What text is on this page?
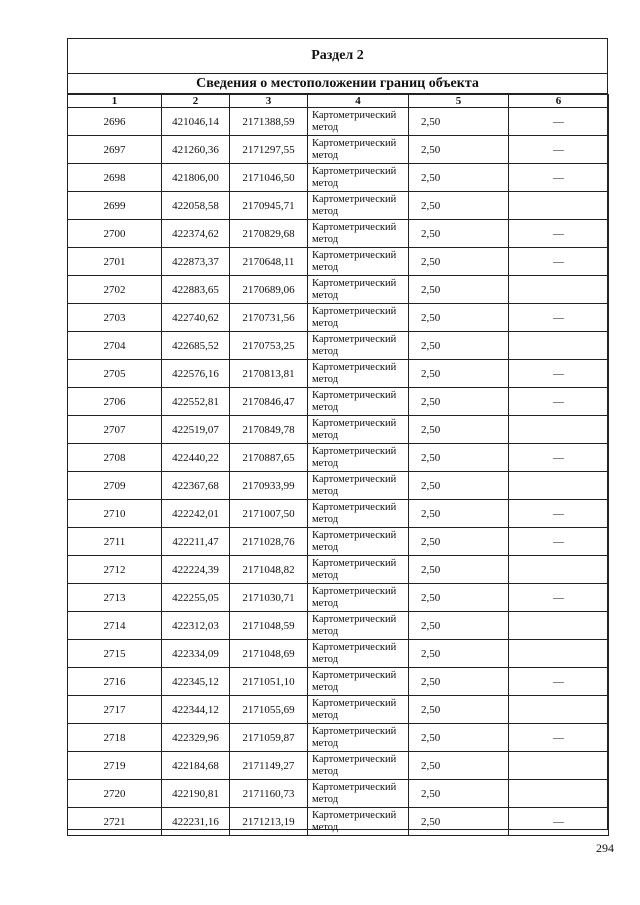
Раздел 2
Сведения о местоположении границ объекта
1	2	3	4	5	6
2696	421046,14	2171388,59	Картометрический метод	2,50	—
2697	421260,36	2171297,55	Картометрический метод	2,50	—
2698	421806,00	2171046,50	Картометрический метод	2,50	—
2699	422058,58	2170945,71	Картометрический метод	2,50	
2700	422374,62	2170829,68	Картометрический метод	2,50	—
2701	422873,37	2170648,11	Картометрический метод	2,50	—
2702	422883,65	2170689,06	Картометрический метод	2,50	
2703	422740,62	2170731,56	Картометрический метод	2,50	—
2704	422685,52	2170753,25	Картометрический метод	2,50	
2705	422576,16	2170813,81	Картометрический метод	2,50	—
2706	422552,81	2170846,47	Картометрический метод	2,50	—
2707	422519,07	2170849,78	Картометрический метод	2,50	
2708	422440,22	2170887,65	Картометрический метод	2,50	—
2709	422367,68	2170933,99	Картометрический метод	2,50	
2710	422242,01	2171007,50	Картометрический метод	2,50	—
2711	422211,47	2171028,76	Картометрический метод	2,50	—
2712	422224,39	2171048,82	Картометрический метод	2,50	
2713	422255,05	2171030,71	Картометрический метод	2,50	—
2714	422312,03	2171048,59	Картометрический метод	2,50	
2715	422334,09	2171048,69	Картометрический метод	2,50	
2716	422345,12	2171051,10	Картометрический метод	2,50	—
2717	422344,12	2171055,69	Картометрический метод	2,50	
2718	422329,96	2171059,87	Картометрический метод	2,50	—
2719	422184,68	2171149,27	Картометрический метод	2,50	
2720	422190,81	2171160,73	Картометрический метод	2,50	
2721	422231,16	2171213,19	Картометрический метод	2,50	—
294
